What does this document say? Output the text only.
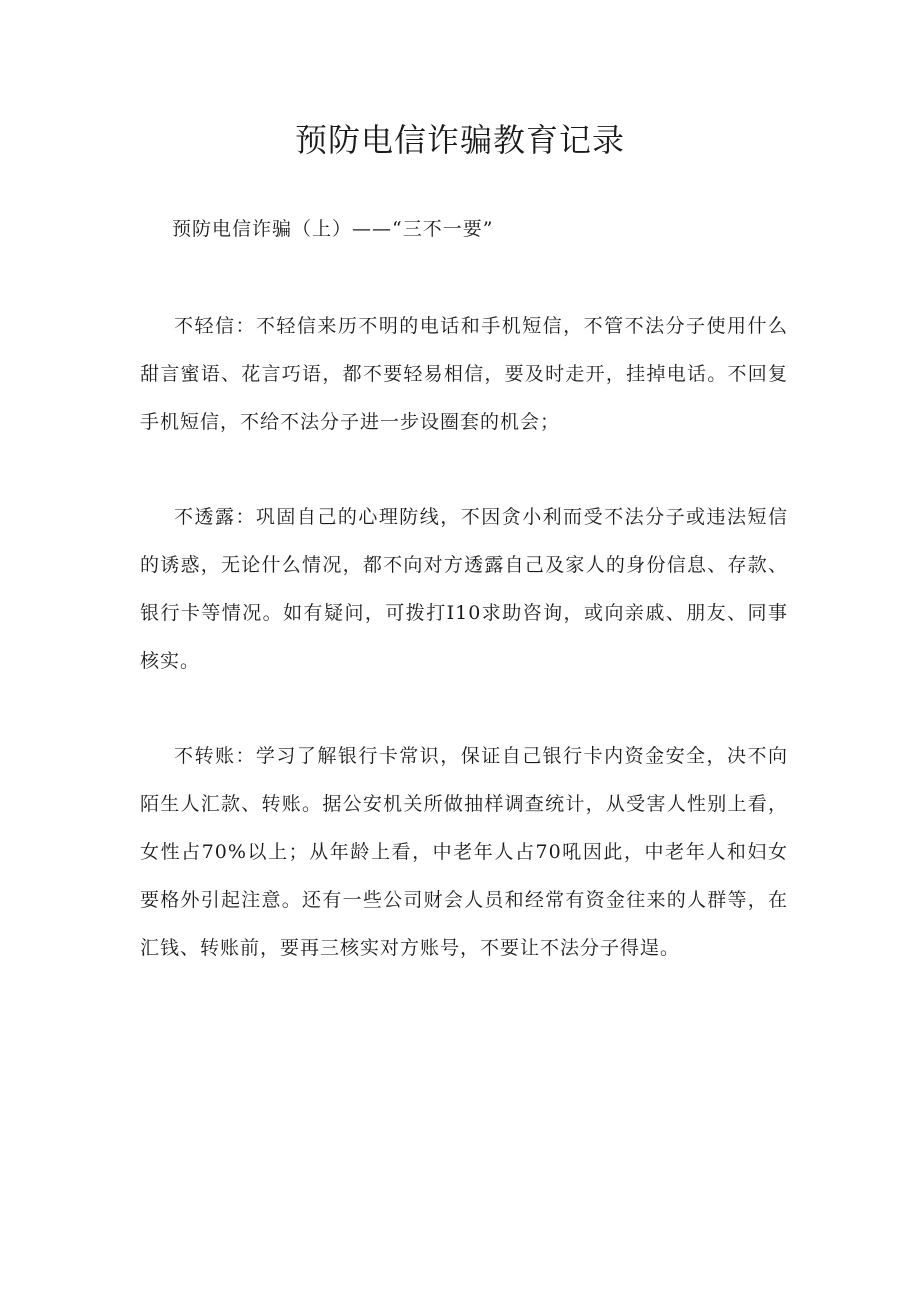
预防电信诈骗教育记录

预防电信诈骗（上）——“三不一要”

不轻信：不轻信来历不明的电话和手机短信，不管不法分子使用什么甜言蜜语、花言巧语，都不要轻易相信，要及时走开，挂掉电话。不回复手机短信，不给不法分子进一步设圈套的机会；

不透露：巩固自己的心理防线，不因贪小利而受不法分子或违法短信的诱惑，无论什么情况，都不向对方透露自己及家人的身份信息、存款、银行卡等情况。如有疑问，可拨打I10求助咨询，或向亲戚、朋友、同事核实。

不转账：学习了解银行卡常识，保证自己银行卡内资金安全，决不向陌生人汇款、转账。据公安机关所做抽样调查统计，从受害人性别上看，女性占70%以上；从年龄上看，中老年人占70吼因此，中老年人和妇女要格外引起注意。还有一些公司财会人员和经常有资金往来的人群等，在汇钱、转账前，要再三核实对方账号，不要让不法分子得逞。
